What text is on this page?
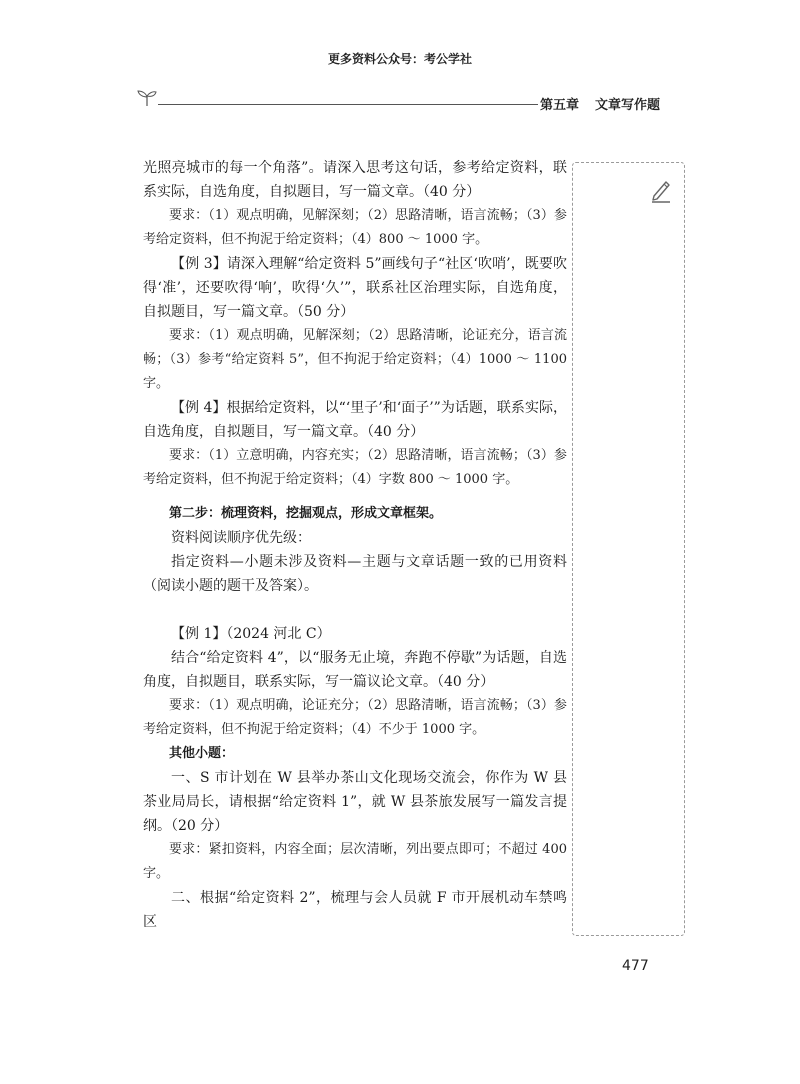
更多资料公众号：考公学社
第五章 文章写作题

光照亮城市的每一个角落”。请深入思考这句话，参考给定资料，联系实际，自选角度，自拟题目，写一篇文章。（40 分）

要求：（1）观点明确，见解深刻；（2）思路清晰，语言流畅；（3）参考给定资料，但不拘泥于给定资料；（4）800 ～ 1000 字。

【例 3】请深入理解“给定资料 5”画线句子“社区‘吹哨’，既要吹得‘准’，还要吹得‘响’，吹得‘久’”，联系社区治理实际，自选角度，自拟题目，写一篇文章。（50 分）

要求：（1）观点明确，见解深刻；（2）思路清晰，论证充分，语言流畅；（3）参考“给定资料 5”，但不拘泥于给定资料；（4）1000 ～ 1100 字。

【例 4】根据给定资料，以“‘里子’和‘面子’”为话题，联系实际，自选角度，自拟题目，写一篇文章。（40 分）

要求：（1）立意明确，内容充实；（2）思路清晰，语言流畅；（3）参考给定资料，但不拘泥于给定资料；（4）字数 800 ～ 1000 字。

第二步：梳理资料，挖掘观点，形成文章框架。

资料阅读顺序优先级：

指定资料—小题未涉及资料—主题与文章话题一致的已用资料（阅读小题的题干及答案）。

【例 1】（2024 河北 C）

结合“给定资料 4”，以“服务无止境，奔跑不停歇”为话题，自选角度，自拟题目，联系实际，写一篇议论文章。（40 分）

要求：（1）观点明确，论证充分；（2）思路清晰，语言流畅；（3）参考给定资料，但不拘泥于给定资料；（4）不少于 1000 字。

其他小题：

一、S 市计划在 W 县举办茶山文化现场交流会，你作为 W 县茶业局局长，请根据“给定资料 1”，就 W 县茶旅发展写一篇发言提纲。（20 分）

要求：紧扣资料，内容全面；层次清晰，列出要点即可；不超过 400 字。

二、根据“给定资料 2”，梳理与会人员就 F 市开展机动车禁鸣区

477
